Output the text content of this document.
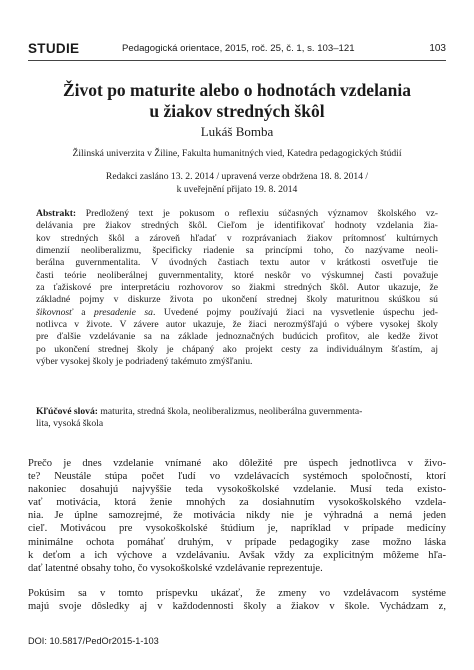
STUDIE	Pedagogická orientace, 2015, roč. 25, č. 1, s. 103–121	103
Život po maturite alebo o hodnotách vzdelania
u žiakov stredných škôl
Lukáš Bomba
Žilinská univerzita v Žiline, Fakulta humanitných vied, Katedra pedagogických štúdií
Redakci zasláno 13. 2. 2014 / upravená verze obdržena 18. 8. 2014 /
k uveřejnění přijato 19. 8. 2014
Abstrakt: Predložený text je pokusom o reflexiu súčasných významov školského vz-
delávania pre žiakov stredných škôl. Cieľom je identifikovať hodnoty vzdelania žia-
kov stredných škôl a zároveň hľadať v rozprávaniach žiakov prítomnosť kultúrnych
dimenzií neoliberalizmu, špecificky riadenie sa princípmi toho, čo nazývame neoli-
berálna guvernmentalita. V úvodných častiach textu autor v krátkosti osvetľuje tie
časti teórie neoliberálnej guvernmentality, ktoré neskôr vo výskumnej časti považuje
za ťažiskové pre interpretáciu rozhovorov so žiakmi stredných škôl. Autor ukazuje, že
základné pojmy v diskurze života po ukončení strednej školy maturitnou skúškou sú
šikovnosť a presadenie sa. Uvedené pojmy používajú žiaci na vysvetlenie úspechu jed-
notlivca v živote. V závere autor ukazuje, že žiaci nerozmýšľajú o výbere vysokej školy
pre ďalšie vzdelávanie sa na základe jednoznačných budúcich profitov, ale kedže život
po ukončení strednej školy je chápaný ako projekt cesty za individuálnym šťastím, aj
výber vysokej školy je podriadený takémuto zmýšľaniu.
Kľúčové slová: maturita, stredná škola, neoliberalizmus, neoliberálna guvernmenta-
lita, vysoká škola
Prečo je dnes vzdelanie vnímané ako dôležité pre úspech jednotlivca v živo-
te? Neustále stúpa počet ľudí vo vzdelávacích systémoch spoločností, ktorí
nakoniec dosahujú najvyššie teda vysokoškolské vzdelanie. Musí teda existo-
vať motivácia, ktorá ženie mnohých za dosiahnutím vysokoškolského vzdela-
nia. Je úplne samozrejmé, že motivácia nikdy nie je výhradná a nemá jeden
cieľ. Motivácou pre vysokoškolské štúdium je, napríklad v prípade medicíny
minimálne ochota pomáhať druhým, v prípade pedagogiky zase možno láska
k deťom a ich výchove a vzdelávaniu. Avšak vždy za explicitným môžeme hľa-
dať latentné obsahy toho, čo vysokoškolské vzdelávanie reprezentuje.
Pokúsim sa v tomto príspevku ukázať, že zmeny vo vzdelávacom systéme
majú svoje dôsledky aj v každodennosti školy a žiakov v škole. Vychádzam z,
DOI: 10.5817/PedOr2015-1-103
